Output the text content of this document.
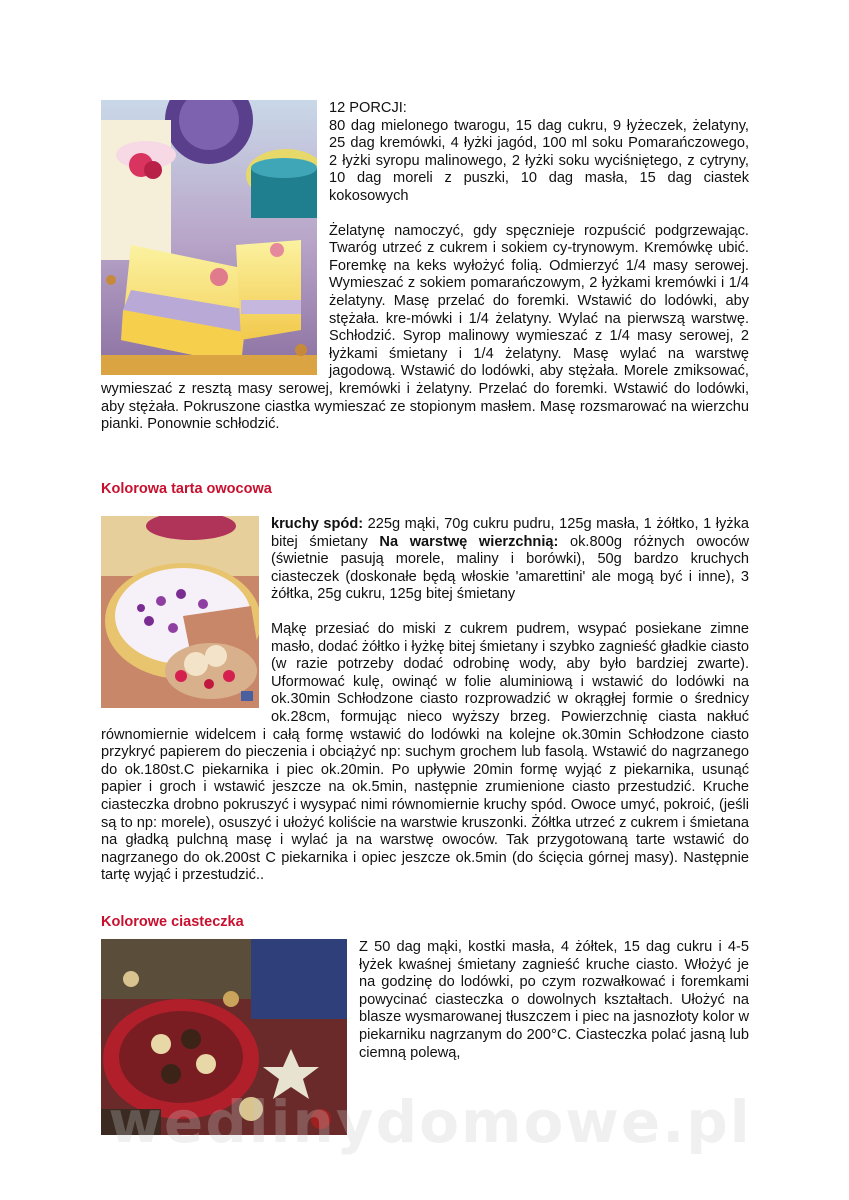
12 PORCJI:

80 dag mielonego twarogu, 15 dag cukru, 9 łyżeczek, żelatyny, 25 dag kremówki, 4 łyżki jagód, 100 ml soku Pomarańczowego, 2 łyżki syropu malinowego, 2 łyżki soku wyciśniętego, z cytryny, 10 dag moreli z puszki, 10 dag masła, 15 dag ciastek kokosowych

Żelatynę namoczyć, gdy spęcznieje rozpuścić podgrzewając. Twaróg utrzeć z cukrem i sokiem cy-trynowym. Kremówkę ubić. Foremkę na keks wyłożyć folią. Odmierzyć 1/4 masy serowej. Wymieszać z sokiem pomarańczowym, 2 łyżkami kremówki i 1/4 żelatyny. Masę przelać do foremki. Wstawić do lodówki, aby stężała. kre-mówki i 1/4 żelatyny. Wylać na pierwszą warstwę. Schłodzić. Syrop malinowy wymieszać z 1/4 masy serowej, 2 łyżkami śmietany i 1/4 żelatyny. Masę wylać na warstwę jagodową. Wstawić do lodówki, aby stężała. Morele zmiksować, wymieszać z resztą masy serowej, kremówki i żelatyny. Przelać do foremki. Wstawić do lodówki, aby stężała. Pokruszone ciastka wymieszać ze stopionym masłem. Masę rozsmarować na wierzchu pianki. Ponownie schłodzić.

Kolorowa tarta owocowa

kruchy spód: 225g mąki, 70g cukru pudru, 125g masła, 1 żółtko, 1 łyżka bitej śmietany Na warstwę wierzchnią: ok.800g różnych owoców (świetnie pasują morele, maliny i borówki), 50g bardzo kruchych ciasteczek (doskonałe będą włoskie 'amarettini' ale mogą być i inne), 3 żółtka, 25g cukru, 125g bitej śmietany

Mąkę przesiać do miski z cukrem pudrem, wsypać posiekane zimne masło, dodać żółtko i łyżkę bitej śmietany i szybko zagnieść gładkie ciasto (w razie potrzeby dodać odrobinę wody, aby było bardziej zwarte). Uformować kulę, owinąć w folie aluminiową i wstawić do lodówki na ok.30min Schłodzone ciasto rozprowadzić w okrągłej formie o średnicy ok.28cm, formując nieco wyższy brzeg. Powierzchnię ciasta nakłuć równomiernie widelcem i całą formę wstawić do lodówki na kolejne ok.30min Schłodzone ciasto przykryć papierem do pieczenia i obciążyć np: suchym grochem lub fasolą. Wstawić do nagrzanego do ok.180st.C piekarnika i piec ok.20min. Po upływie 20min formę wyjąć z piekarnika, usunąć papier i groch i wstawić jeszcze na ok.5min, następnie zrumienione ciasto przestudzić. Kruche ciasteczka drobno pokruszyć i wysypać nimi równomiernie kruchy spód. Owoce umyć, pokroić, (jeśli są to np: morele), osuszyć i ułożyć koliście na warstwie kruszonki. Żółtka utrzeć z cukrem i śmietana na gładką pulchną masę i wylać ja na warstwę owoców. Tak przygotowaną tarte wstawić do nagrzanego do ok.200st C piekarnika i opiec jeszcze ok.5min (do ścięcia górnej masy). Następnie tartę wyjąć i przestudzić..

Kolorowe ciasteczka

Z 50 dag mąki, kostki masła, 4 żółtek, 15 dag cukru i 4-5 łyżek kwaśnej śmietany zagnieść kruche ciasto. Włożyć je na godzinę do lodówki, po czym rozwałkować i foremkami powycinać ciasteczka o dowolnych kształtach. Ułożyć na blasze wysmarowanej tłuszczem i piec na jasnozłoty kolor w piekarniku nagrzanym do 200°C. Ciasteczka polać jasną lub ciemną polewą,

wedlinydomowe.pl
